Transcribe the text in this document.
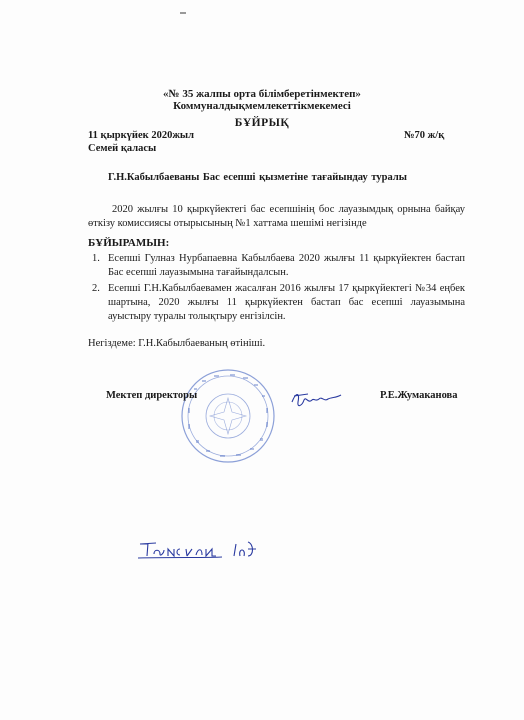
«№ 35 жалпы орта білімберетінмектеп»
Коммуналдықмемлекеттікмекемесі
БҰЙРЫҚ
11 қыркүйек 2020жыл	№70 ж/қ
Семей қаласы
Г.Н.Кабылбаеваны Бас есепші қызметіне тағайындау туралы
2020 жылғы 10 қыркүйектегі бас есепшінің бос лауазымдық орнына байқау өткізу комиссиясы отырысының №1 хаттама шешімі негізінде
БҰЙЫРАМЫН:
1. Есепші Гулназ Нурбапаевна Кабылбаева 2020 жылғы 11 қыркүйектен бастап Бас есепші лауазымына тағайындалсын.
2. Есепші Г.Н.Кабылбаевамен жасалған 2016 жылғы 17 қыркүйектегі №34 еңбек шартына, 2020 жылғы 11 қыркүйектен бастап бас есепші лауазымына ауыстыру туралы толықтыру енгізілсін.
Негіздеме: Г.Н.Кабылбаеваның өтініші.
Мектеп директоры	Р.Е.Жумаканова
